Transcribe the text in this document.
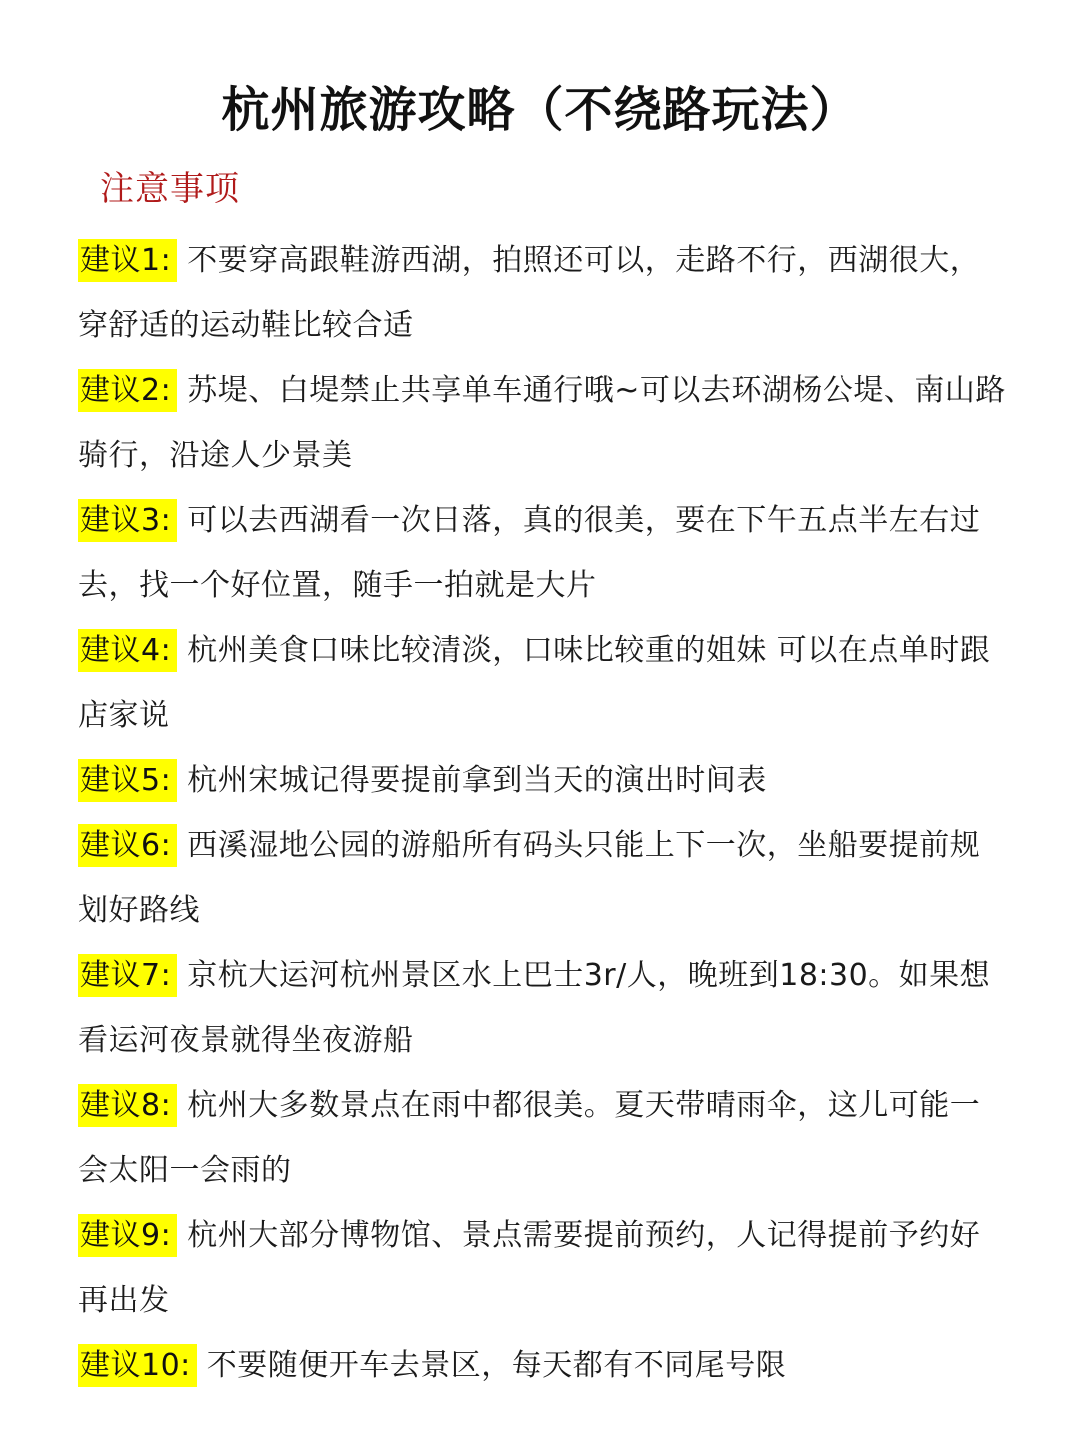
杭州旅游攻略（不绕路玩法）
注意事项
建议1: 不要穿高跟鞋游西湖，拍照还可以，走路不行，西湖很大，穿舒适的运动鞋比较合适
建议2: 苏堤、白堤禁止共享单车通行哦~可以去环湖杨公堤、南山路骑行，沿途人少景美
建议3: 可以去西湖看一次日落，真的很美，要在下午五点半左右过去，找一个好位置，随手一拍就是大片
建议4: 杭州美食口味比较清淡，口味比较重的姐妹 可以在点单时跟店家说
建议5: 杭州宋城记得要提前拿到当天的演出时间表
建议6: 西溪湿地公园的游船所有码头只能上下一次，坐船要提前规划好路线
建议7: 京杭大运河杭州景区水上巴士3r/人，晚班到18:30。如果想看运河夜景就得坐夜游船
建议8: 杭州大多数景点在雨中都很美。夏天带晴雨伞，这儿可能一会太阳一会雨的
建议9: 杭州大部分博物馆、景点需要提前预约，人记得提前予约好再出发
建议10: 不要随便开车去景区，每天都有不同尾号限
